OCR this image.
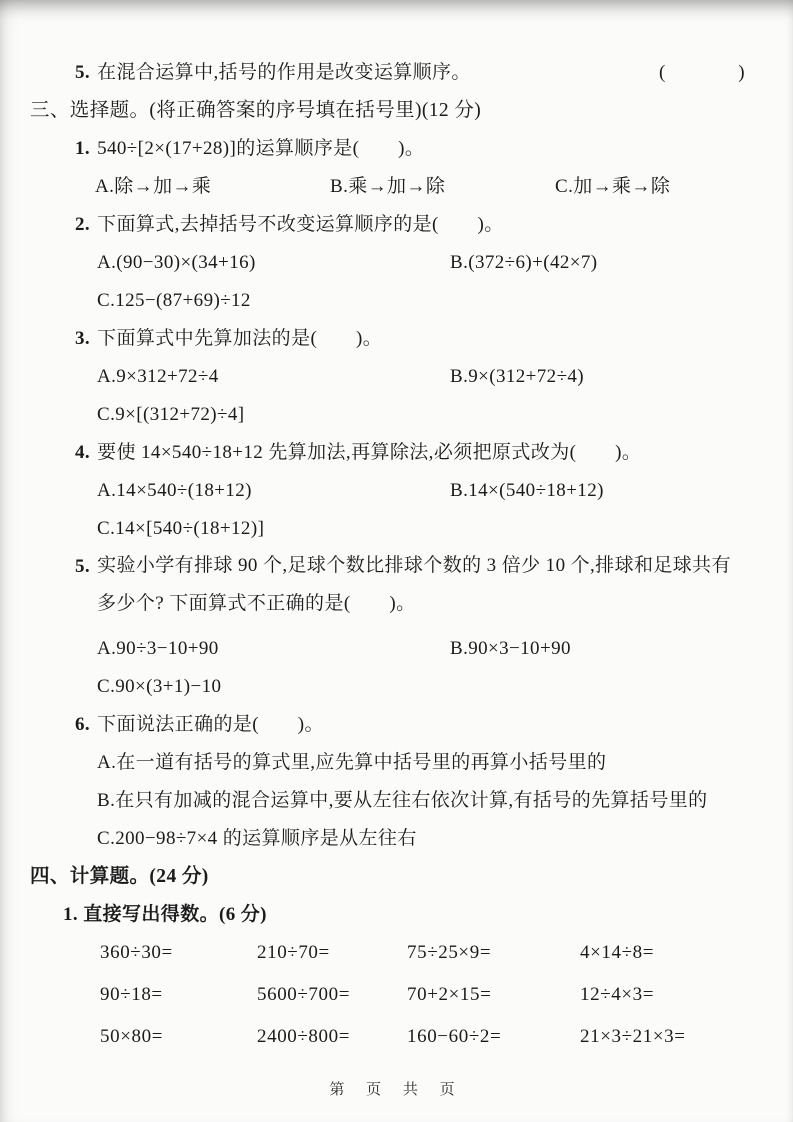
5. 在混合运算中,括号的作用是改变运算顺序。	(	)
三、选择题。(将正确答案的序号填在括号里)(12 分)
1. 540÷[2×(17+28)]的运算顺序是(　　)。
A.除→加→乘	B.乘→加→除	C.加→乘→除
2. 下面算式,去掉括号不改变运算顺序的是(　　)。
A.(90−30)×(34+16)	B.(372÷6)+(42×7)
C.125−(87+69)÷12
3. 下面算式中先算加法的是(　　)。
A.9×312+72÷4	B.9×(312+72÷4)
C.9×[(312+72)÷4]
4. 要使 14×540÷18+12 先算加法,再算除法,必须把原式改为(　　)。
A.14×540÷(18+12)	B.14×(540÷18+12)
C.14×[540÷(18+12)]
5. 实验小学有排球 90 个,足球个数比排球个数的 3 倍少 10 个,排球和足球共有多少个? 下面算式不正确的是(　　)。
A.90÷3−10+90	B.90×3−10+90
C.90×(3+1)−10
6. 下面说法正确的是(　　)。
A.在一道有括号的算式里,应先算中括号里的再算小括号里的
B.在只有加减的混合运算中,要从左往右依次计算,有括号的先算括号里的
C.200−98÷7×4 的运算顺序是从左往右
四、计算题。(24 分)
1. 直接写出得数。(6 分)
360÷30=	210÷70=	75÷25×9=	4×14÷8=
90÷18=	5600÷700=	70+2×15=	12÷4×3=
50×80=	2400÷800=	160−60÷2=	21×3÷21×3=
第 页 共 页
